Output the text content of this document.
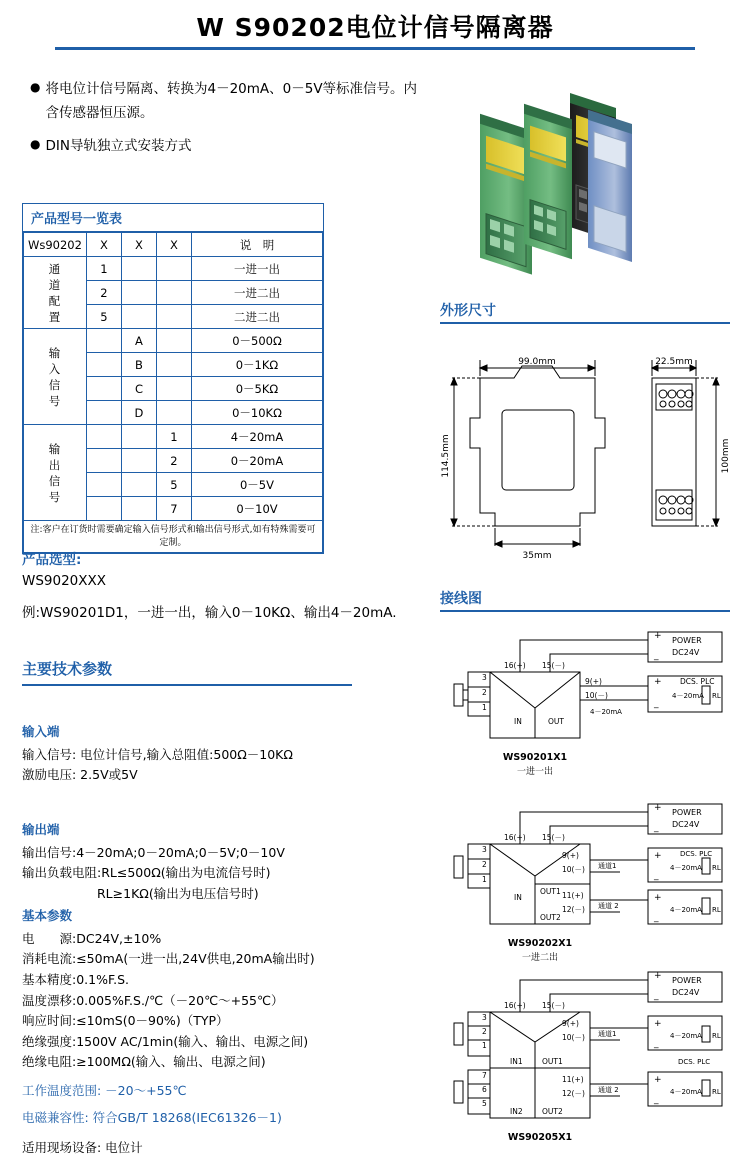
W S90202电位计信号隔离器
● 将电位计信号隔离、转换为4－20mA、0－5V等标准信号。内含传感器恒压源。
● DIN导轨独立式安装方式
产品型号一览表
Ws90202	X	X	X	说　明
通
道
配
置	1			一进一出
	2			一进二出
	5			二进二出
输
入
信
号		A		0－500Ω
		B		0－1KΩ
		C		0－5KΩ
		D		0－10KΩ
输
出
信
号			1	4－20mA
			2	0－20mA
			5	0－5V
			7	0－10V
注:客户在订货时需要确定输入信号形式和输出信号形式,如有特殊需要可定制。				
产品选型:
WS9020XXX
例:WS90201D1，一进一出，输入0－10KΩ、输出4－20mA.
主要技术参数
输入端

输入信号: 电位计信号,输入总阻值:500Ω－10KΩ

激励电压: 2.5V或5V

输出端

输出信号:4－20mA;0－20mA;0－5V;0－10V

输出负载电阻:RL≤500Ω(输出为电流信号时)

　　　　　　RL≥1KΩ(输出为电压信号时)

基本参数

电　　源:DC24V,±10%

消耗电流:≤50mA(一进一出,24V供电,20mA输出时)

基本精度:0.1%F.S.

温度漂移:0.005%F.S./℃（－20℃～+55℃）

响应时间:≤10mS(0－90%)（TYP）

绝缘强度:1500V AC/1min(输入、输出、电源之间)

绝缘电阻:≥100MΩ(输入、输出、电源之间)

工作温度范围: －20～+55℃

电磁兼容性: 符合GB/T 18268(IEC61326－1)

适用现场设备: 电位计

外形尺寸
99.0mm
114.5mm
35mm
22.5mm
100mm
接线图
3
2
1
16(+) 15(－)
9(+)
10(－)
IN	OUT
4－20mA
POWER
DC24V
+
_
DCS. PLC
4－20mA
+
_
RL
WS90201X1
一进一出
3
2
1
16(+) 15(－)
9(+)
10(－)
11(+)
12(－)
IN
OUT1
OUT2
通道1
通道 2
POWER
DC24V
+
_
DCS. PLC
4－20mA
4－20mA
+
_
+
_
RL
RL
WS90202X1
一进二出
3
2
1
7
6
5
16(+) 15(－)
9(+)
10(－)
11(+)
12(－)
IN1	OUT1
IN2	OUT2
通道1
通道 2
POWER
DC24V
+
_
DCS. PLC
4－20mA
4－20mA
+
_
+
_
RL
RL
WS90205X1
